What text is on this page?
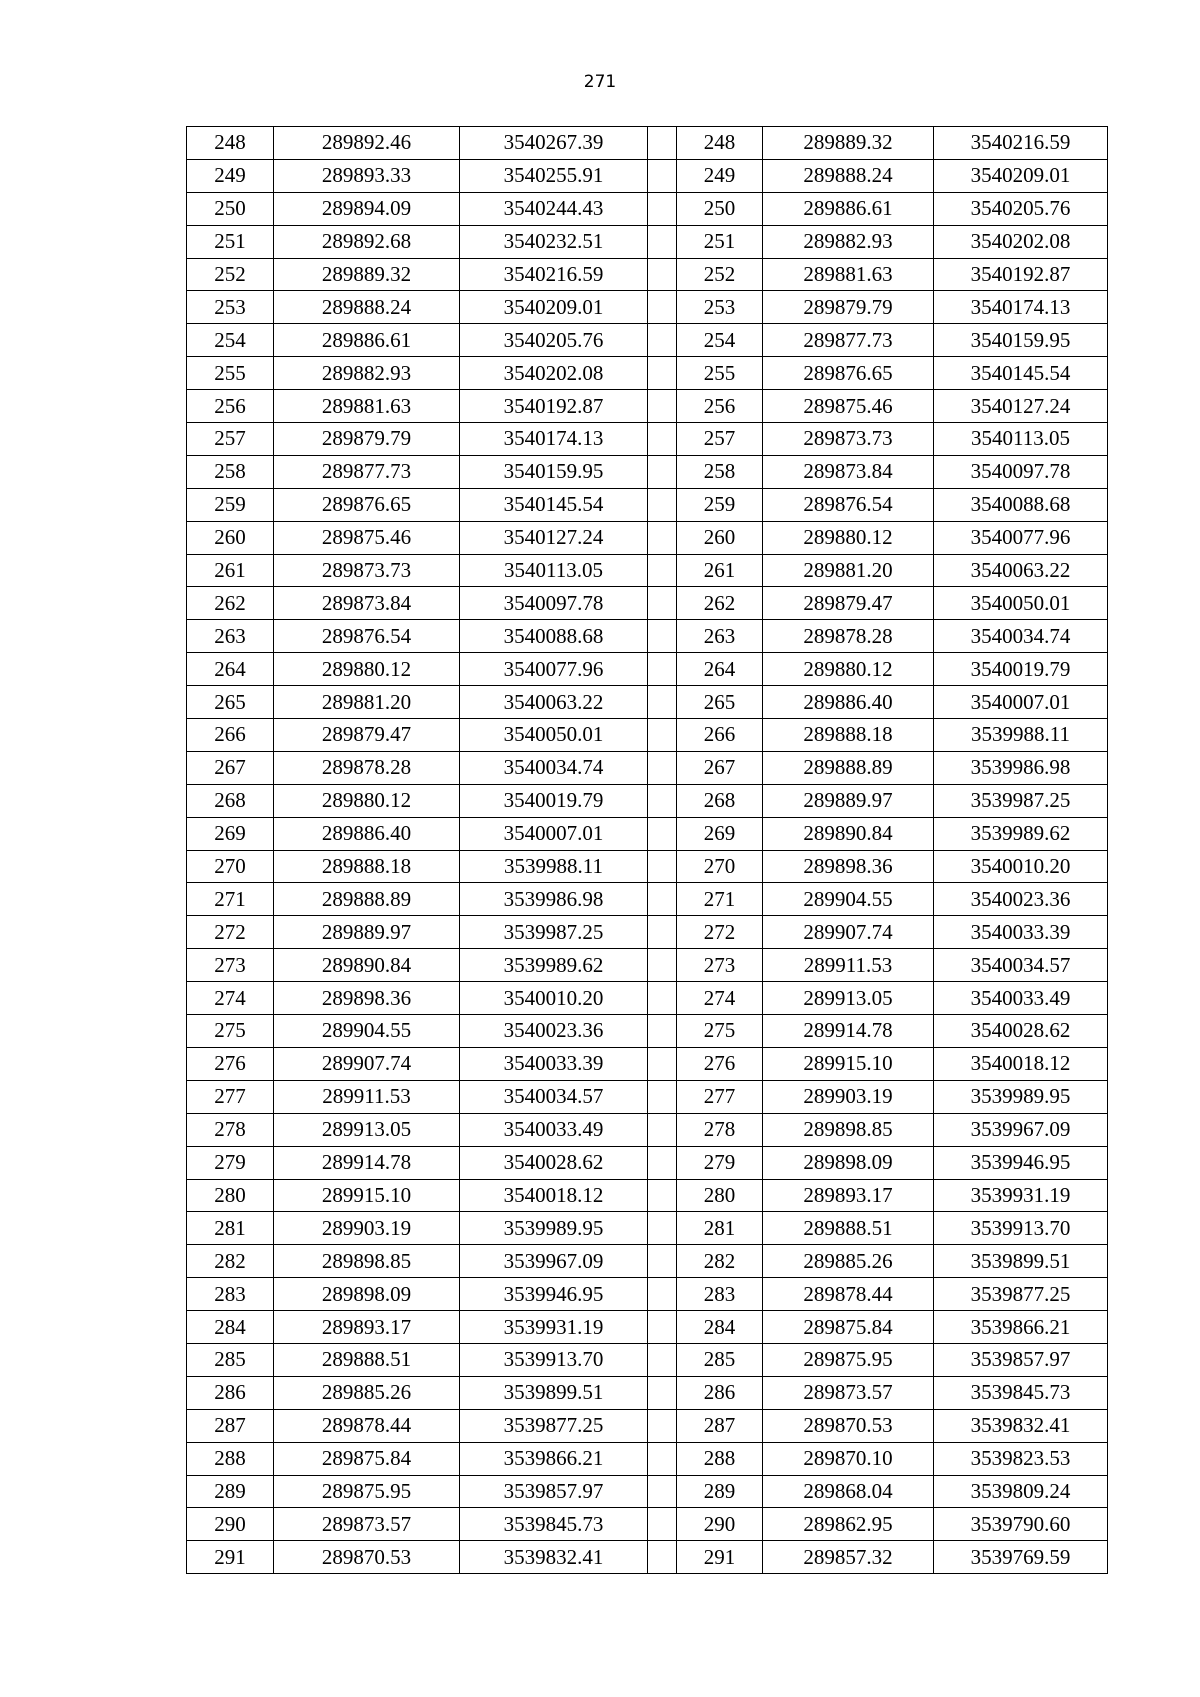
271
248	289892.46	3540267.39		248	289889.32	3540216.59
249	289893.33	3540255.91		249	289888.24	3540209.01
250	289894.09	3540244.43		250	289886.61	3540205.76
251	289892.68	3540232.51		251	289882.93	3540202.08
252	289889.32	3540216.59		252	289881.63	3540192.87
253	289888.24	3540209.01		253	289879.79	3540174.13
254	289886.61	3540205.76		254	289877.73	3540159.95
255	289882.93	3540202.08		255	289876.65	3540145.54
256	289881.63	3540192.87		256	289875.46	3540127.24
257	289879.79	3540174.13		257	289873.73	3540113.05
258	289877.73	3540159.95		258	289873.84	3540097.78
259	289876.65	3540145.54		259	289876.54	3540088.68
260	289875.46	3540127.24		260	289880.12	3540077.96
261	289873.73	3540113.05		261	289881.20	3540063.22
262	289873.84	3540097.78		262	289879.47	3540050.01
263	289876.54	3540088.68		263	289878.28	3540034.74
264	289880.12	3540077.96		264	289880.12	3540019.79
265	289881.20	3540063.22		265	289886.40	3540007.01
266	289879.47	3540050.01		266	289888.18	3539988.11
267	289878.28	3540034.74		267	289888.89	3539986.98
268	289880.12	3540019.79		268	289889.97	3539987.25
269	289886.40	3540007.01		269	289890.84	3539989.62
270	289888.18	3539988.11		270	289898.36	3540010.20
271	289888.89	3539986.98		271	289904.55	3540023.36
272	289889.97	3539987.25		272	289907.74	3540033.39
273	289890.84	3539989.62		273	289911.53	3540034.57
274	289898.36	3540010.20		274	289913.05	3540033.49
275	289904.55	3540023.36		275	289914.78	3540028.62
276	289907.74	3540033.39		276	289915.10	3540018.12
277	289911.53	3540034.57		277	289903.19	3539989.95
278	289913.05	3540033.49		278	289898.85	3539967.09
279	289914.78	3540028.62		279	289898.09	3539946.95
280	289915.10	3540018.12		280	289893.17	3539931.19
281	289903.19	3539989.95		281	289888.51	3539913.70
282	289898.85	3539967.09		282	289885.26	3539899.51
283	289898.09	3539946.95		283	289878.44	3539877.25
284	289893.17	3539931.19		284	289875.84	3539866.21
285	289888.51	3539913.70		285	289875.95	3539857.97
286	289885.26	3539899.51		286	289873.57	3539845.73
287	289878.44	3539877.25		287	289870.53	3539832.41
288	289875.84	3539866.21		288	289870.10	3539823.53
289	289875.95	3539857.97		289	289868.04	3539809.24
290	289873.57	3539845.73		290	289862.95	3539790.60
291	289870.53	3539832.41		291	289857.32	3539769.59
